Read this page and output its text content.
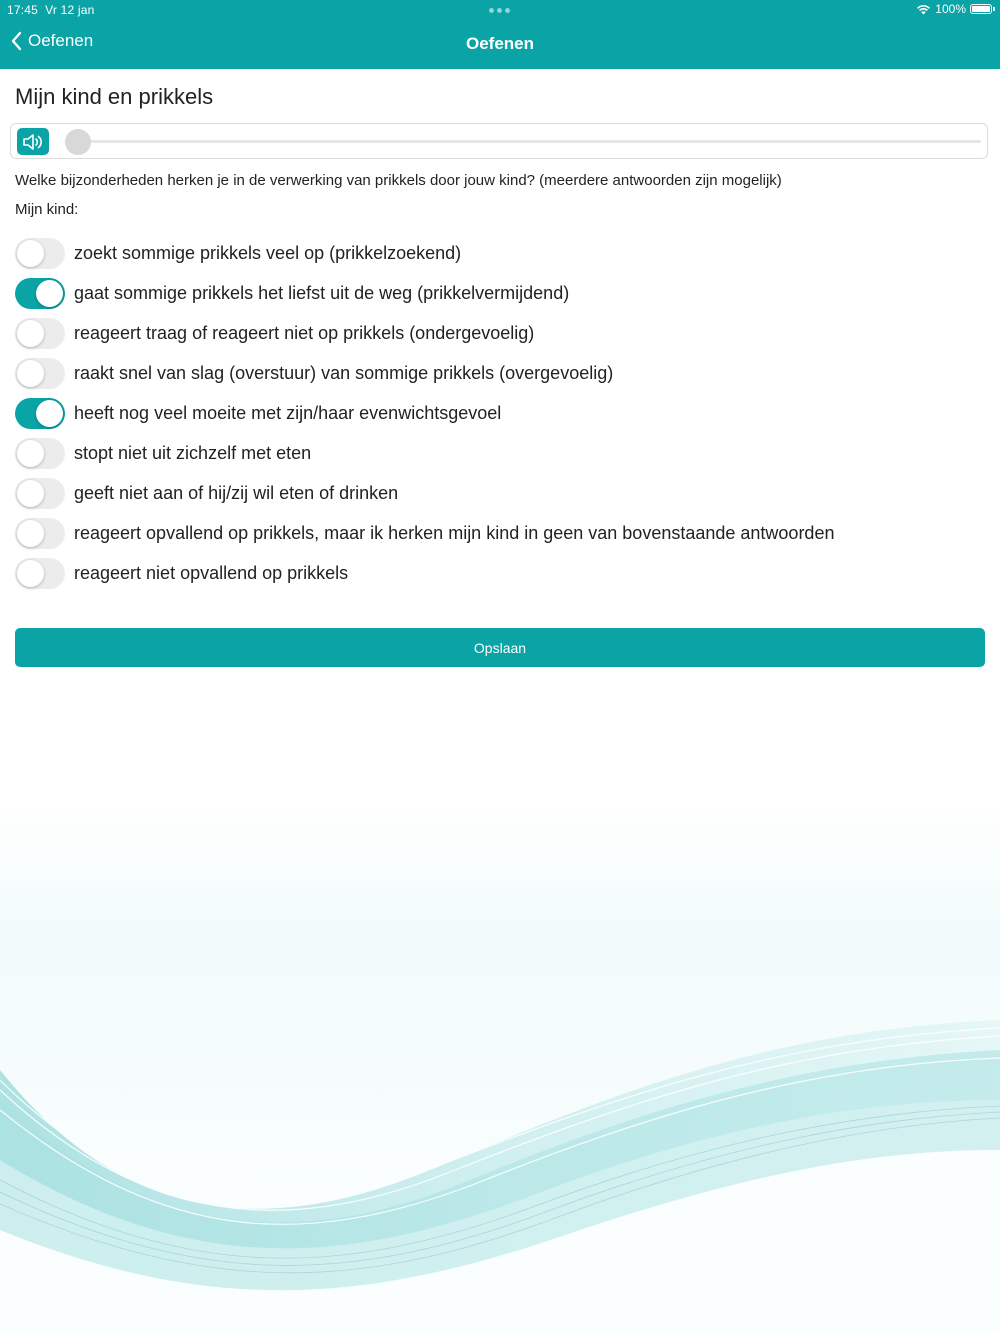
17:45 Vr 12 jan	100%
Oefenen	Oefenen
Mijn kind en prikkels
Welke bijzonderheden herken je in de verwerking van prikkels door jouw kind? (meerdere antwoorden zijn mogelijk)
Mijn kind:
zoekt sommige prikkels veel op (prikkelzoekend)
gaat sommige prikkels het liefst uit de weg (prikkelvermijdend)
reageert traag of reageert niet op prikkels (ondergevoelig)
raakt snel van slag (overstuur) van sommige prikkels (overgevoelig)
heeft nog veel moeite met zijn/haar evenwichtsgevoel
stopt niet uit zichzelf met eten
geeft niet aan of hij/zij wil eten of drinken
reageert opvallend op prikkels, maar ik herken mijn kind in geen van bovenstaande antwoorden
reageert niet opvallend op prikkels
Opslaan
